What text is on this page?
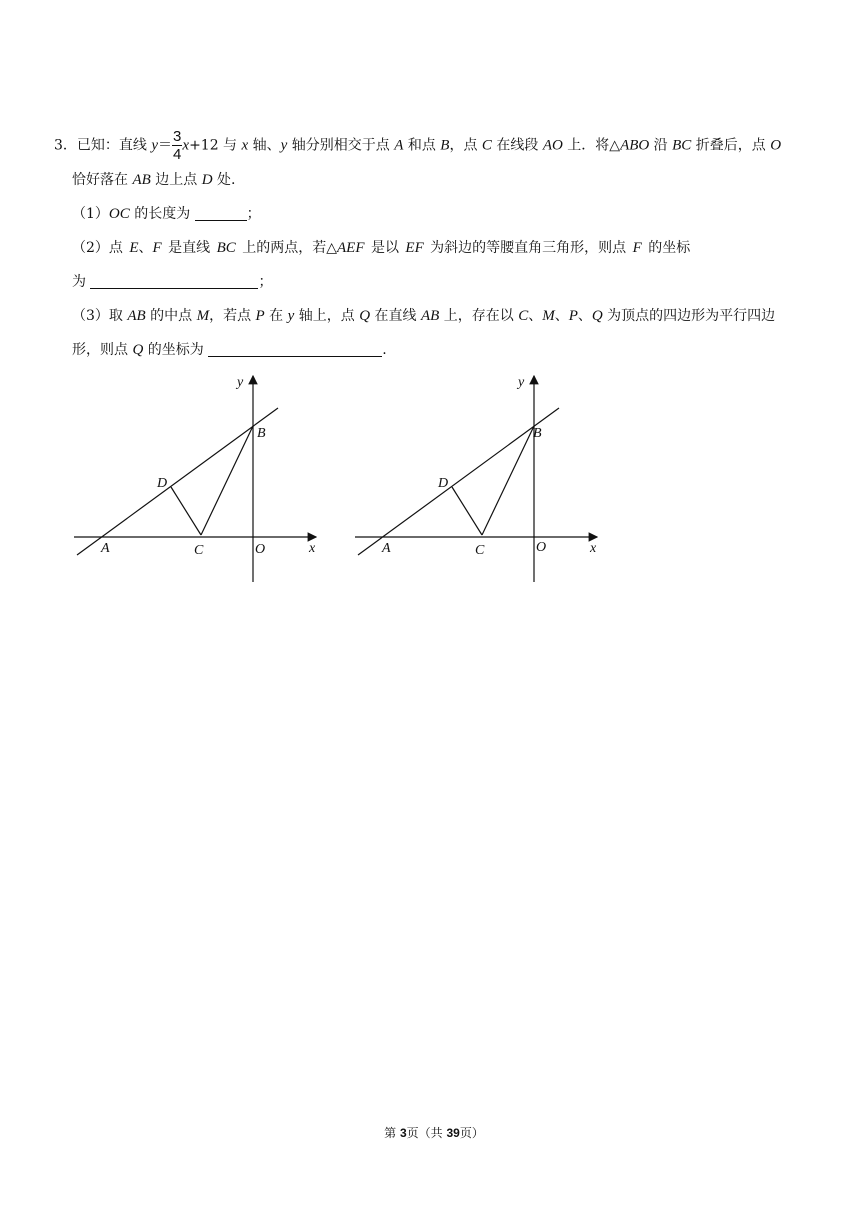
3．已知：直线 $y= \frac{3}{4} x+12$ 与 x 轴、y 轴分别相交于点 A 和点 B，点 C 在线段 AO 上．将△ABO 沿 BC 折叠后，点 O
恰好落在 AB 边上点 D 处.
（1）OC 的长度为	；
（2）点 E、F 是直线 BC 上的两点，若△AEF 是以 EF 为斜边的等腰直角三角形，则点 F 的坐标
为	；
（3）取 AB 的中点 M，若点 P 在 y 轴上，点 Q 在直线 AB 上，存在以 C、M、P、Q 为顶点的四边形为平行四边
形，则点 Q 的坐标为	.
y
x
B
D
A	C	O
y
x
B
D
A	C	O
第 3页（共 39页）
